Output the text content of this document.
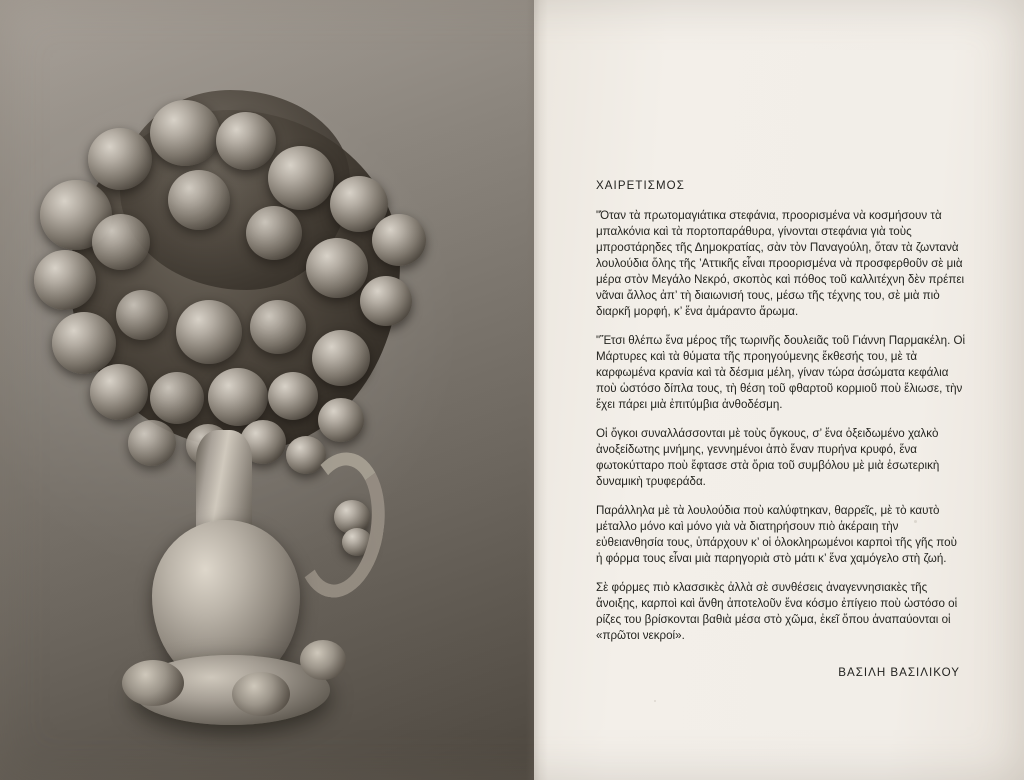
ΧΑΙΡΕΤΙΣΜΟΣ

"Όταν τὰ πρωτομαγιάτικα στεφάνια, προορισμένα νὰ κοσμήσουν τὰ μπαλκόνια καὶ τὰ πορτοπαράθυρα, γίνονται στεφάνια γιὰ τοὺς μπροστάρηδες τῆς Δημοκρατίας, σὰν τὸν Παναγούλη, ὅταν τὰ ζωντανὰ λουλούδια ὅλης τῆς ’Αττικῆς εἶναι προορισμένα νὰ προσφερθοῦν σὲ μιὰ μέρα στὸν Μεγάλο Νεκρό, σκοπὸς καὶ πόθος τοῦ καλλιτέχνη δὲν πρέπει νᾶναι ἄλλος ἀπ’ τὴ διαιωνισή τους, μέσω τῆς τέχνης του, σὲ μιὰ πιὸ διαρκῆ μορφή, κ’ ἕνα ἀμάραντο ἄρωμα.

"Ἔτσι θλέπω ἕνα μέρος τῆς τωρινῆς δουλειᾶς τοῦ Γιάννη Παρμακέλη. Οἱ Μάρτυρες καὶ τὰ θύματα τῆς προηγούμενης ἔκθεσής του, μὲ τὰ καρφωμένα κρανία καὶ τὰ δέσμια μέλη, γίναν τώρα ἀσώματα κεφάλια ποὺ ὡστόσο δίπλα τους, τὴ θέση τοῦ φθαρτοῦ κορμιοῦ ποὺ ἔλιωσε, τὴν ἔχει πάρει μιὰ ἐπιτύμβια ἀνθοδέσμη.

Οἱ ὄγκοι συναλλάσσονται μὲ τοὺς ὄγκους, σ’ ἕνα ὀξειδωμένο χαλκὸ ἀνοξείδωτης μνήμης, γεννημένοι ἀπὸ ἕναν πυρήνα κρυφό, ἕνα φωτοκύτταρο ποὺ ἔφτασε στὰ ὅρια τοῦ συμβόλου μὲ μιὰ ἐσωτερικὴ δυναμικὴ τρυφεράδα.

Παράλληλα μὲ τὰ λουλούδια ποὺ καλύφτηκαν, θαρρεῖς, μὲ τὸ καυτὸ μέταλλο μόνο καὶ μόνο γιὰ νὰ διατηρήσουν πιὸ ἀκέραιη τὴν εὐθειανθησία τους, ὑπάρχουν κ’ οἱ ὁλοκληρωμένοι καρποὶ τῆς γῆς ποὺ ἡ φόρμα τους εἶναι μιὰ παρηγοριὰ στὸ μάτι κ’ ἕνα χαμόγελο στὴ ζωή.

Σὲ φόρμες πιὸ κλασσικὲς ἀλλὰ σὲ συνθέσεις ἀναγεννησιακὲς τῆς ἄνοιξης, καρποὶ καὶ ἄνθη ἀποτελοῦν ἕνα κόσμο ἐπίγειο ποὺ ὡστόσο οἱ ρίζες του βρίσκονται βαθιὰ μέσα στὸ χῶμα, ἐκεῖ ὅπου ἀναπαύονται οἱ «πρῶτοι νεκροί».

ΒΑΣΙΛΗ ΒΑΣΙΛΙΚΟΥ
